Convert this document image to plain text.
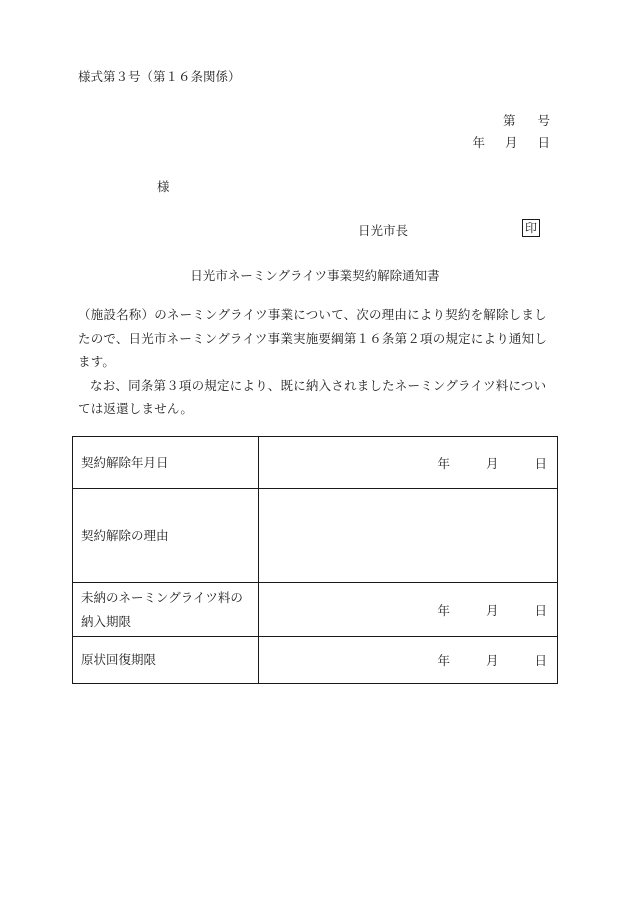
様式第３号（第１６条関係）
第 号
年 月 日
様
日光市長	印
日光市ネーミングライツ事業契約解除通知書

（施設名称）のネーミングライツ事業について、次の理由により契約を解除しましたので、日光市ネーミングライツ事業実施要綱第１６条第２項の規定により通知します。

なお、同条第３項の規定により、既に納入されましたネーミングライツ料については返還しません。

契約解除年月日	年 月 日
契約解除の理由	

未納のネーミングライツ料の
納入期限	年 月 日
原状回復期限	年 月 日
